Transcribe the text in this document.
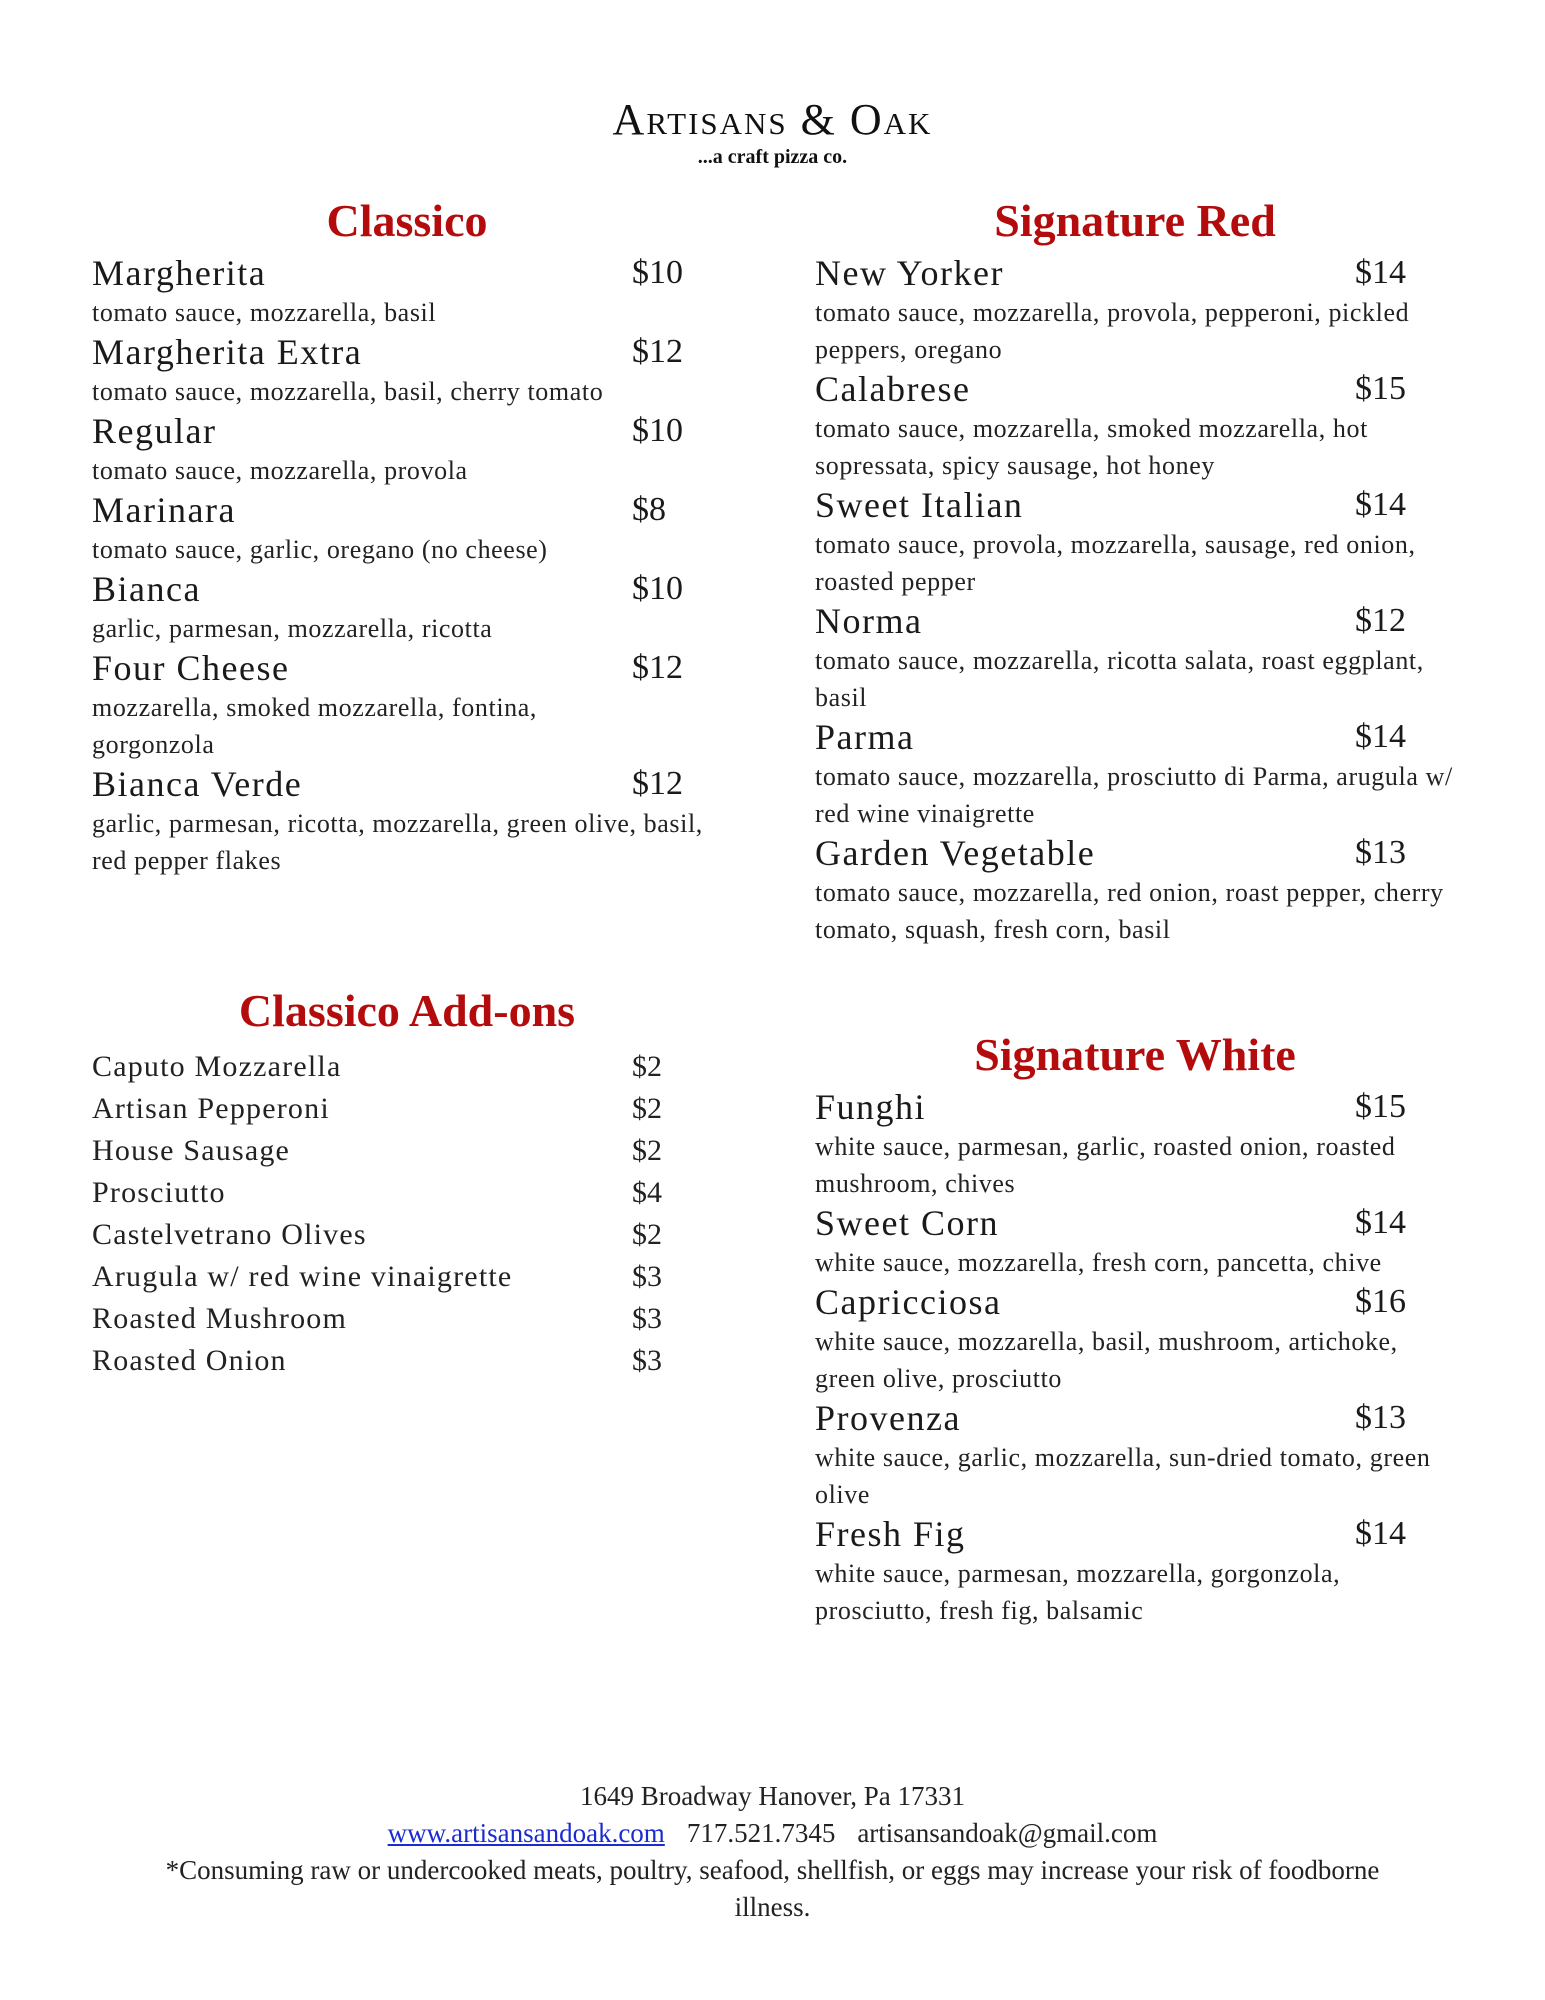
Artisans & Oak
...a craft pizza co.
Classico
Margherita	$10
tomato sauce, mozzarella, basil
Margherita Extra	$12
tomato sauce, mozzarella, basil, cherry tomato
Regular	$10
tomato sauce, mozzarella, provola
Marinara	$8
tomato sauce, garlic, oregano (no cheese)
Bianca	$10
garlic, parmesan, mozzarella, ricotta
Four Cheese	$12
mozzarella, smoked mozzarella, fontina, gorgonzola
Bianca Verde	$12
garlic, parmesan, ricotta, mozzarella, green olive, basil, red pepper flakes
Classico Add-ons
Caputo Mozzarella	$2
Artisan Pepperoni	$2
House Sausage	$2
Prosciutto	$4
Castelvetrano Olives	$2
Arugula w/ red wine vinaigrette	$3
Roasted Mushroom	$3
Roasted Onion	$3
Signature Red
New Yorker	$14
tomato sauce, mozzarella, provola, pepperoni, pickled peppers, oregano
Calabrese	$15
tomato sauce, mozzarella, smoked mozzarella, hot sopressata, spicy sausage, hot honey
Sweet Italian	$14
tomato sauce, provola, mozzarella, sausage, red onion, roasted pepper
Norma	$12
tomato sauce, mozzarella, ricotta salata, roast eggplant, basil
Parma	$14
tomato sauce, mozzarella, prosciutto di Parma, arugula w/ red wine vinaigrette
Garden Vegetable	$13
tomato sauce, mozzarella, red onion, roast pepper, cherry tomato, squash, fresh corn, basil
Signature White
Funghi	$15
white sauce, parmesan, garlic, roasted onion, roasted mushroom, chives
Sweet Corn	$14
white sauce, mozzarella, fresh corn, pancetta, chive
Capricciosa	$16
white sauce, mozzarella, basil, mushroom, artichoke, green olive, prosciutto
Provenza	$13
white sauce, garlic, mozzarella, sun-dried tomato, green olive
Fresh Fig	$14
white sauce, parmesan, mozzarella, gorgonzola, prosciutto, fresh fig, balsamic
1649 Broadway Hanover, Pa 17331
www.artisansandoak.com 717.521.7345 artisansandoak@gmail.com
*Consuming raw or undercooked meats, poultry, seafood, shellfish, or eggs may increase your risk of foodborne illness.
